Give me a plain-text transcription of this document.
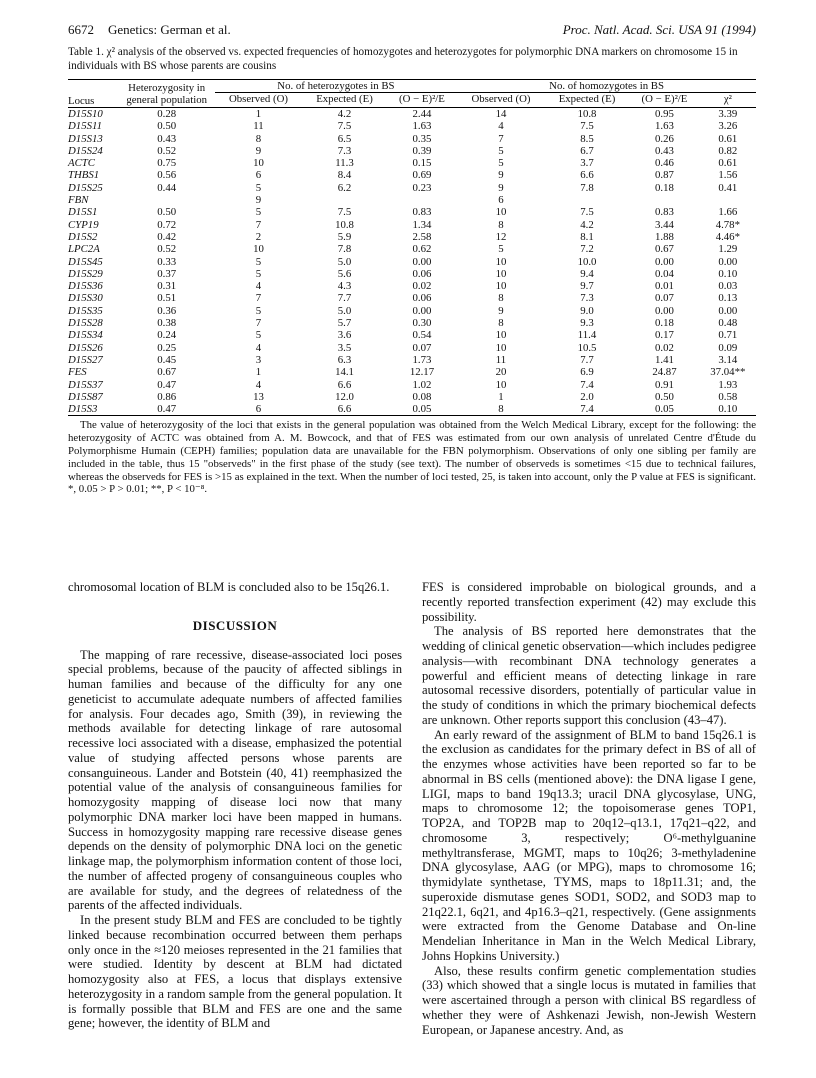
6672 Genetics: German et al.	Proc. Natl. Acad. Sci. USA 91 (1994)
Table 1. χ² analysis of the observed vs. expected frequencies of homozygotes and heterozygotes for polymorphic DNA markers on chromosome 15 in individuals with BS whose parents are cousins
Locus	Heterozygosity in general population	No. of heterozygotes in BS			No. of homozygotes in BS			
		Observed (O)	Expected (E)	(O − E)²/E	Observed (O)	Expected (E)	(O − E)²/E	χ²
D15S10	0.28	1	4.2	2.44	14	10.8	0.95	3.39
D15S11	0.50	11	7.5	1.63	4	7.5	1.63	3.26
D15S13	0.43	8	6.5	0.35	7	8.5	0.26	0.61
D15S24	0.52	9	7.3	0.39	5	6.7	0.43	0.82
ACTC	0.75	10	11.3	0.15	5	3.7	0.46	0.61
THBS1	0.56	6	8.4	0.69	9	6.6	0.87	1.56
D15S25	0.44	5	6.2	0.23	9	7.8	0.18	0.41
FBN		9			6			
D15S1	0.50	5	7.5	0.83	10	7.5	0.83	1.66
CYP19	0.72	7	10.8	1.34	8	4.2	3.44	4.78*
D15S2	0.42	2	5.9	2.58	12	8.1	1.88	4.46*
LPC2A	0.52	10	7.8	0.62	5	7.2	0.67	1.29
D15S45	0.33	5	5.0	0.00	10	10.0	0.00	0.00
D15S29	0.37	5	5.6	0.06	10	9.4	0.04	0.10
D15S36	0.31	4	4.3	0.02	10	9.7	0.01	0.03
D15S30	0.51	7	7.7	0.06	8	7.3	0.07	0.13
D15S35	0.36	5	5.0	0.00	9	9.0	0.00	0.00
D15S28	0.38	7	5.7	0.30	8	9.3	0.18	0.48
D15S34	0.24	5	3.6	0.54	10	11.4	0.17	0.71
D15S26	0.25	4	3.5	0.07	10	10.5	0.02	0.09
D15S27	0.45	3	6.3	1.73	11	7.7	1.41	3.14
FES	0.67	1	14.1	12.17	20	6.9	24.87	37.04**
D15S37	0.47	4	6.6	1.02	10	7.4	0.91	1.93
D15S87	0.86	13	12.0	0.08	1	2.0	0.50	0.58
D15S3	0.47	6	6.6	0.05	8	7.4	0.05	0.10
The value of heterozygosity of the loci that exists in the general population was obtained from the Welch Medical Library, except for the following: the heterozygosity of ACTC was obtained from A. M. Bowcock, and that of FES was estimated from our own analysis of unrelated Centre d'Étude du Polymorphisme Humain (CEPH) families; population data are unavailable for the FBN polymorphism. Observations of only one sibling per family are included in the table, thus 15 "observeds" in the first phase of the study (see text). The number of observeds is sometimes <15 due to technical failures, whereas the observeds for FES is >15 as explained in the text. When the number of loci tested, 25, is taken into account, only the P value at FES is significant. *, 0.05 > P > 0.01; **, P < 10⁻⁸.

chromosomal location of BLM is concluded also to be 15q26.1.

DISCUSSION

The mapping of rare recessive, disease-associated loci poses special problems, because of the paucity of affected siblings in human families and because of the difficulty for any one geneticist to accumulate adequate numbers of affected families for analysis. Four decades ago, Smith (39), in reviewing the methods available for detecting linkage of rare autosomal recessive loci associated with a disease, emphasized the potential value of studying affected persons whose parents are consanguineous. Lander and Botstein (40, 41) reemphasized the potential value of the analysis of consanguineous families for homozygosity mapping of disease loci now that many polymorphic DNA marker loci have been mapped in humans. Success in homozygosity mapping rare recessive disease genes depends on the density of polymorphic DNA loci on the genetic linkage map, the polymorphism information content of those loci, the number of affected progeny of consanguineous couples who are available for study, and the degrees of relatedness of the parents of the affected individuals.

In the present study BLM and FES are concluded to be tightly linked because recombination occurred between them perhaps only once in the ≈120 meioses represented in the 21 families that were studied. Identity by descent at BLM had dictated homozygosity also at FES, a locus that displays extensive heterozygosity in a random sample from the general population. It is formally possible that BLM and FES are one and the same gene; however, the identity of BLM and

FES is considered improbable on biological grounds, and a recently reported transfection experiment (42) may exclude this possibility.

The analysis of BS reported here demonstrates that the wedding of clinical genetic observation—which includes pedigree analysis—with recombinant DNA technology generates a powerful and efficient means of detecting linkage in rare autosomal recessive disorders, potentially of particular value in the study of conditions in which the primary biochemical defects are unknown. Other reports support this conclusion (43–47).

An early reward of the assignment of BLM to band 15q26.1 is the exclusion as candidates for the primary defect in BS of all of the enzymes whose activities have been reported so far to be abnormal in BS cells (mentioned above): the DNA ligase I gene, LIGI, maps to band 19q13.3; uracil DNA glycosylase, UNG, maps to chromosome 12; the topoisomerase genes TOP1, TOP2A, and TOP2B map to 20q12–q13.1, 17q21–q22, and chromosome 3, respectively; O⁶-methylguanine methyltransferase, MGMT, maps to 10q26; 3-methyladenine DNA glycosylase, AAG (or MPG), maps to chromosome 16; thymidylate synthetase, TYMS, maps to 18p11.31; and, the superoxide dismutase genes SOD1, SOD2, and SOD3 map to 21q22.1, 6q21, and 4p16.3–q21, respectively. (Gene assignments were extracted from the Genome Database and On-line Mendelian Inheritance in Man in the Welch Medical Library, Johns Hopkins University.)

Also, these results confirm genetic complementation studies (33) which showed that a single locus is mutated in families that were ascertained through a person with clinical BS regardless of whether they were of Ashkenazi Jewish, non-Jewish Western European, or Japanese ancestry. And, as
